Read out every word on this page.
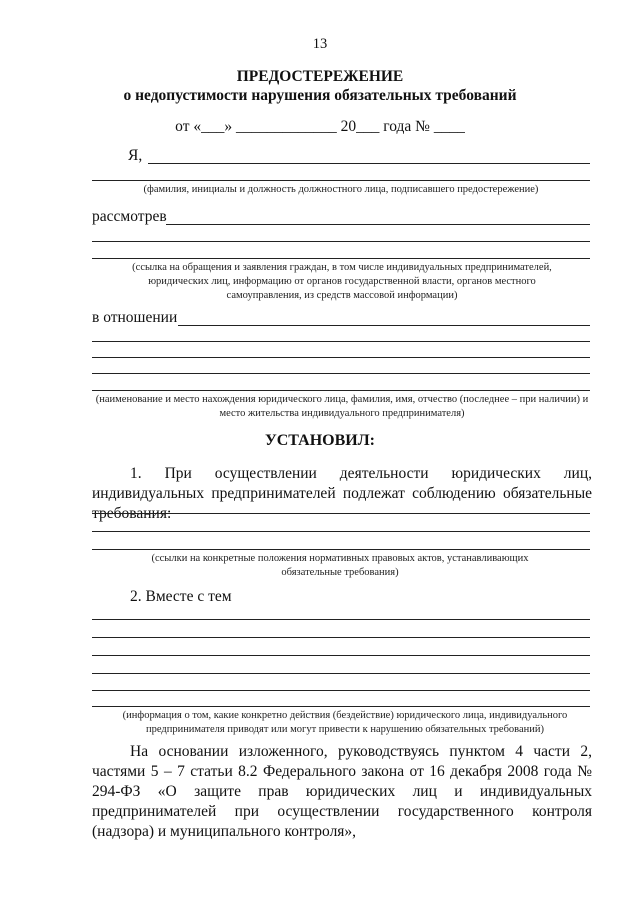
13
ПРЕДОСТЕРЕЖЕНИЕ
о недопустимости нарушения обязательных требований
от «___» _____________ 20___ года № ____
Я,
(фамилия, инициалы и должность должностного лица, подписавшего предостережение)
рассмотрев
(ссылка на обращения и заявления граждан, в том числе индивидуальных предпринимателей, юридических лиц, информацию от органов государственной власти, органов местного самоуправления, из средств массовой информации)
в отношении
(наименование и место нахождения юридического лица, фамилия, имя, отчество (последнее – при наличии) и место жительства индивидуального предпринимателя)
УСТАНОВИЛ:
1. При осуществлении деятельности юридических лиц, индивидуальных предпринимателей подлежат соблюдению обязательные требования:
(ссылки на конкретные положения нормативных правовых актов, устанавливающих обязательные требования)
2. Вместе с тем
(информация о том, какие конкретно действия (бездействие) юридического лица, индивидуального предпринимателя приводят или могут привести к нарушению обязательных требований)
На основании изложенного, руководствуясь пунктом 4 части 2, частями 5 – 7 статьи 8.2 Федерального закона от 16 декабря 2008 года № 294-ФЗ «О защите прав юридических лиц и индивидуальных предпринимателей при осуществлении государственного контроля (надзора) и муниципального контроля»,
